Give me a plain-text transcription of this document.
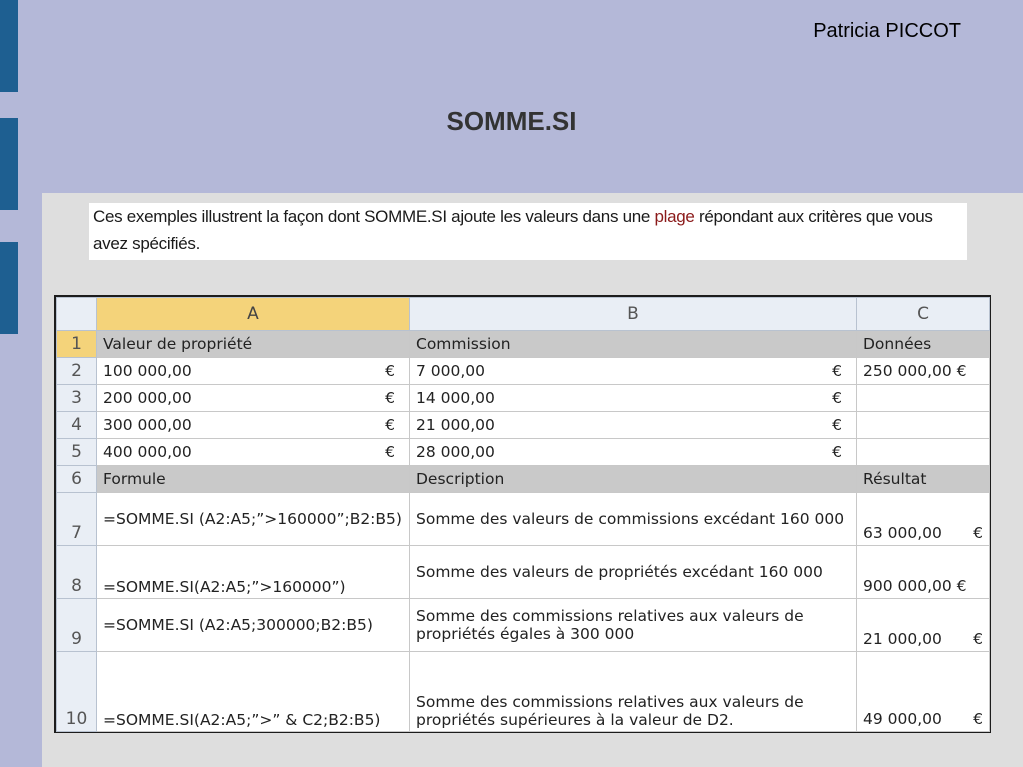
Patricia PICCOT
SOMME.SI
Ces exemples illustrent la façon dont SOMME.SI ajoute les valeurs dans une plage répondant aux critères que vous avez spécifiés.
	A	B	C
1	Valeur de propriété	Commission	Données
2	100 000,00 €	7 000,00 €	250 000,00 €
3	200 000,00 €	14 000,00 €	

4	300 000,00 €	21 000,00 €	

5	400 000,00 €	28 000,00 €	

6	Formule	Description	Résultat
7	=SOMME.SI (A2:A5;”>160000”;B2:B5)	Somme des valeurs de commissions excédant 160 000	63 000,00 €

8	=SOMME.SI(A2:A5;”>160000”)	Somme des valeurs de propriétés excédant 160 000	900 000,00 €

9	=SOMME.SI (A2:A5;300000;B2:B5)	Somme des commissions relatives aux valeurs de propriétés égales à 300 000	21 000,00 €

10	=SOMME.SI(A2:A5;”>” & C2;B2:B5)	Somme des commissions relatives aux valeurs de propriétés supérieures à la valeur de D2.	49 000,00 €
